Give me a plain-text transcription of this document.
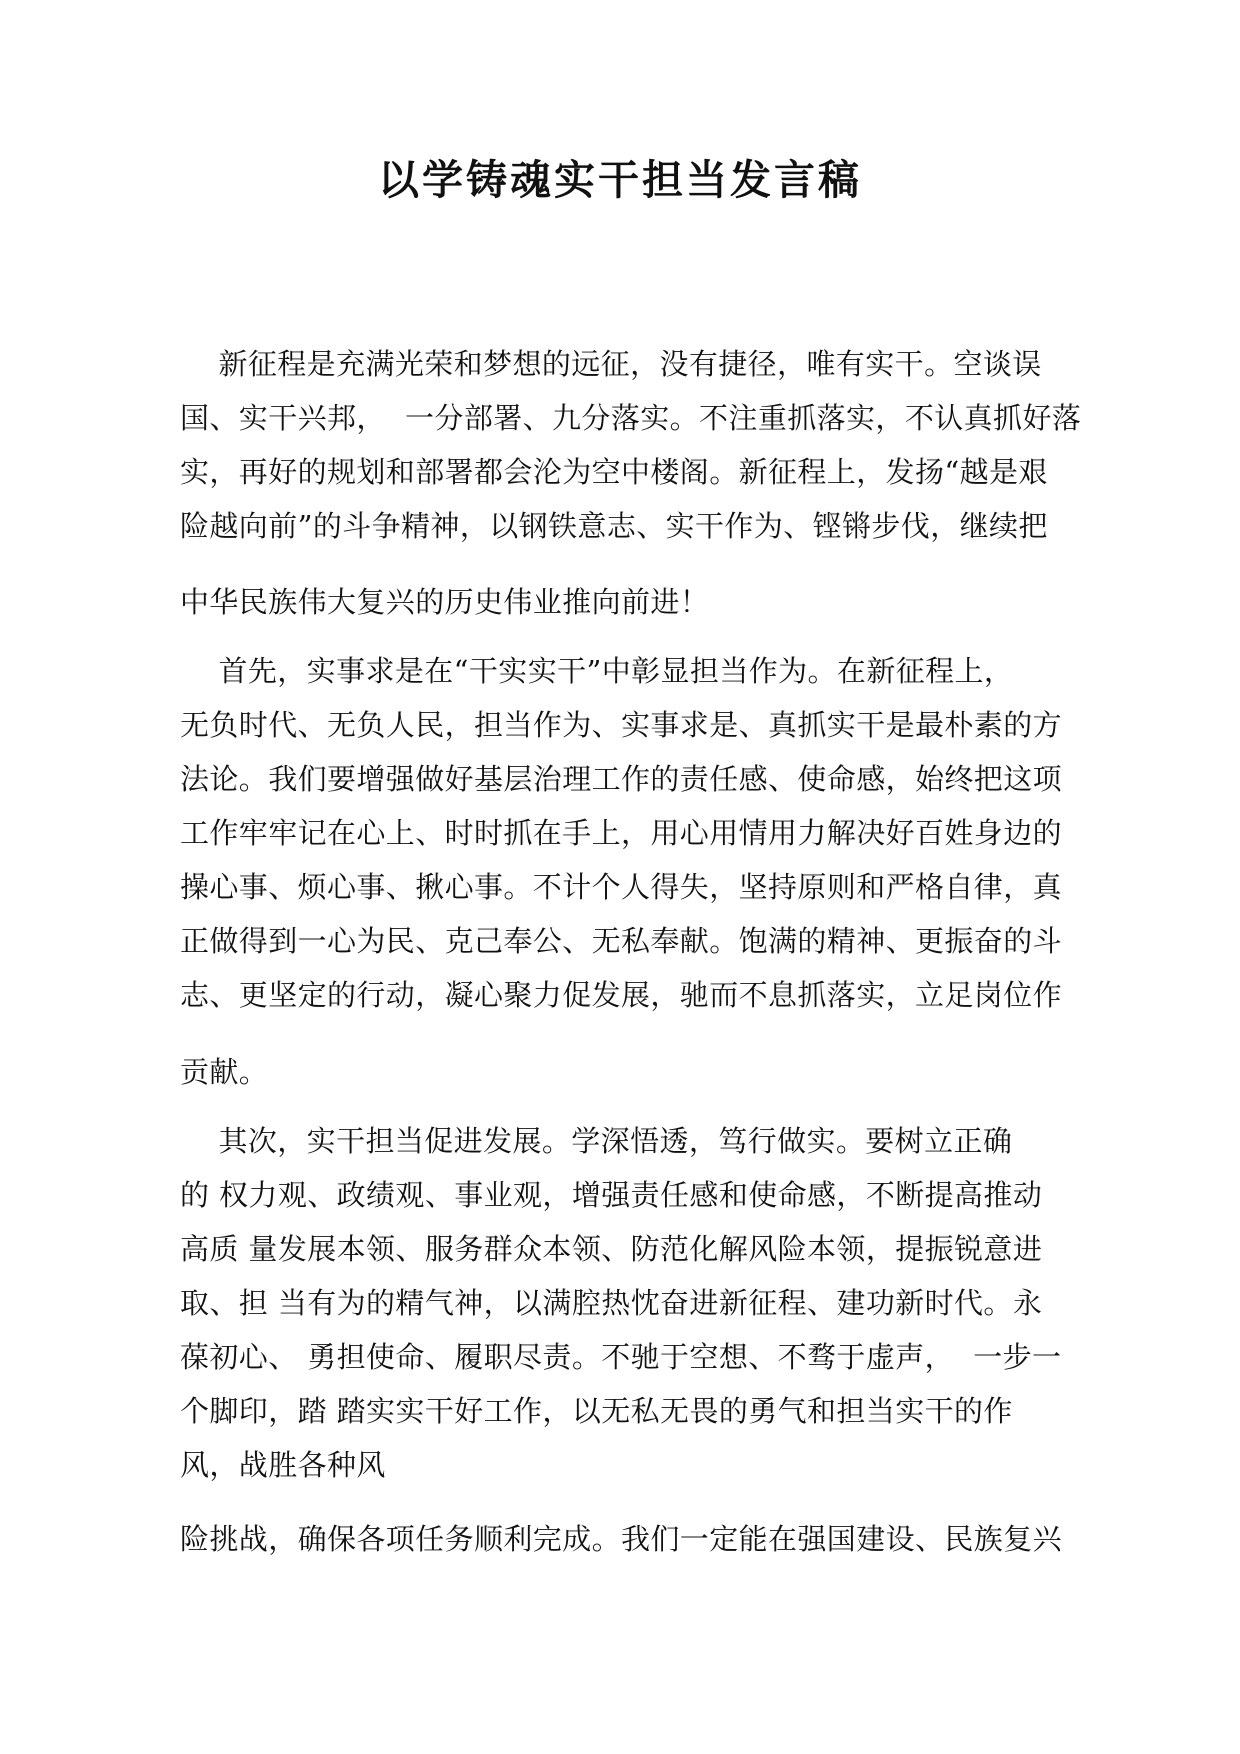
以学铸魂实干担当发言稿

新征程是充满光荣和梦想的远征，没有捷径，唯有实干。空谈误

国、实干兴邦，  一分部署、九分落实。不注重抓落实，不认真抓好落

实，再好的规划和部署都会沦为空中楼阁。新征程上，发扬“越是艰

险越向前”的斗争精神，以钢铁意志、实干作为、铿锵步伐，继续把

中华民族伟大复兴的历史伟业推向前进！

首先，实事求是在“干实实干”中彰显担当作为。在新征程上，

无负时代、无负人民，担当作为、实事求是、真抓实干是最朴素的方

法论。我们要增强做好基层治理工作的责任感、使命感，始终把这项

工作牢牢记在心上、时时抓在手上，用心用情用力解决好百姓身边的

操心事、烦心事、揪心事。不计个人得失，坚持原则和严格自律，真

正做得到一心为民、克己奉公、无私奉献。饱满的精神、更振奋的斗

志、更坚定的行动，凝心聚力促发展，驰而不息抓落实，立足岗位作

贡献。

其次，实干担当促进发展。学深悟透，笃行做实。要树立正确

的 权力观、政绩观、事业观，增强责任感和使命感，不断提高推动

高质 量发展本领、服务群众本领、防范化解风险本领，提振锐意进

取、担 当有为的精气神，以满腔热忱奋进新征程、建功新时代。永

葆初心、 勇担使命、履职尽责。不驰于空想、不骛于虚声，  一步一

个脚印，踏 踏实实干好工作，以无私无畏的勇气和担当实干的作

风，战胜各种风

险挑战，确保各项任务顺利完成。我们一定能在强国建设、民族复兴
